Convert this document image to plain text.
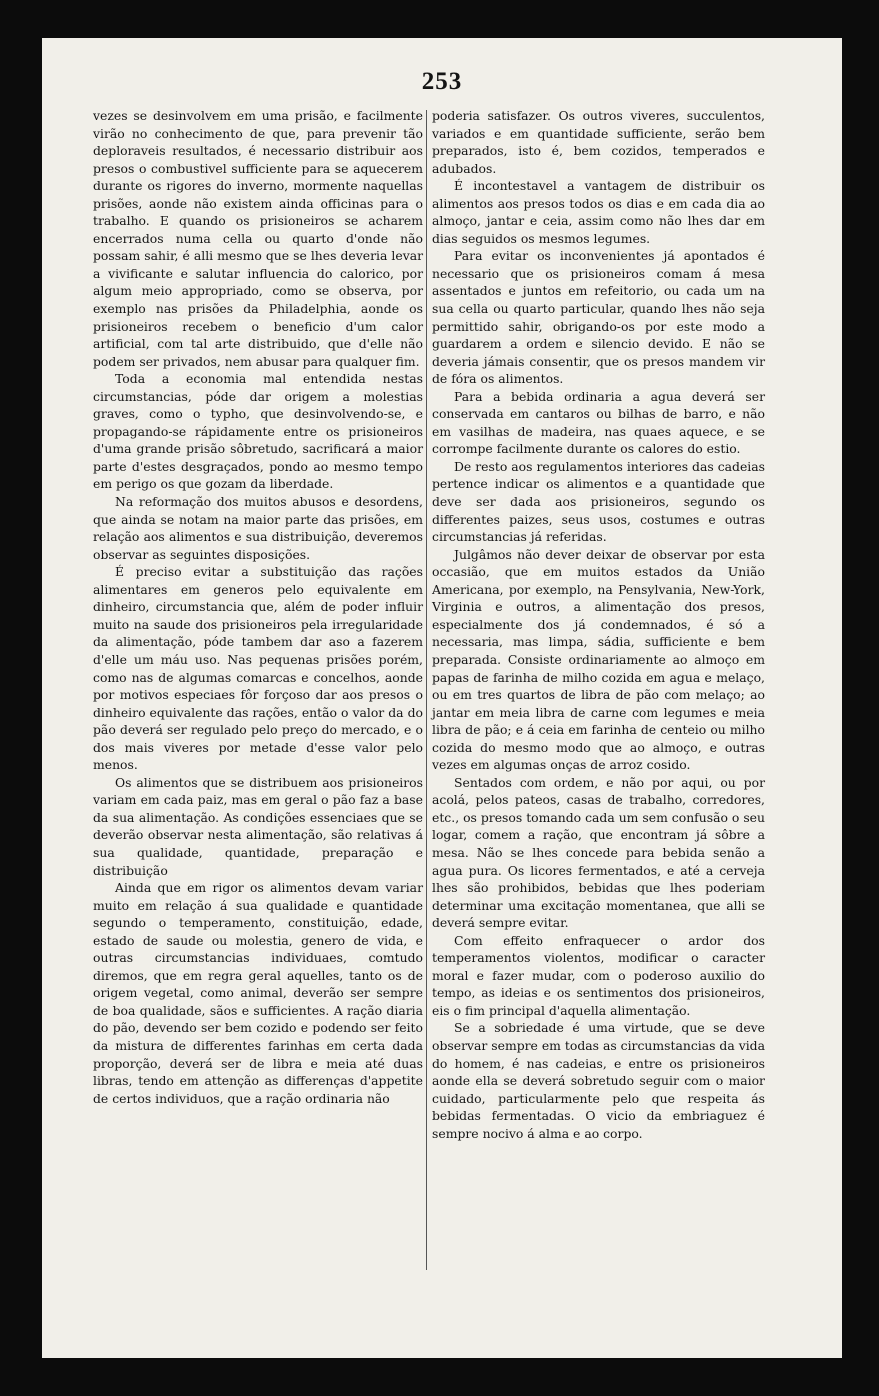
253

vezes se desinvolvem em uma prisão, e facilmente virão no conhecimento de que, para prevenir tão deploraveis resultados, é necessario distribuir aos presos o combustivel sufficiente para se aquecerem durante os rigores do inverno, mormente naquellas prisões, aonde não existem ainda officinas para o trabalho. E quando os prisioneiros se acharem encerrados numa cella ou quarto d'onde não possam sahir, é alli mesmo que se lhes deveria levar a vivificante e salutar influencia do calorico, por algum meio appropriado, como se observa, por exemplo nas prisões da Philadelphia, aonde os prisioneiros recebem o beneficio d'um calor artificial, com tal arte distribuido, que d'elle não podem ser privados, nem abusar para qualquer fim.

Toda a economia mal entendida nestas circumstancias, póde dar origem a molestias graves, como o typho, que desinvolvendo-se, e propagando-se rápidamente entre os prisioneiros d'uma grande prisão sôbretudo, sacrificará a maior parte d'estes desgraçados, pondo ao mesmo tempo em perigo os que gozam da liberdade.

Na reformação dos muitos abusos e desordens, que ainda se notam na maior parte das prisões, em relação aos alimentos e sua distribuição, deveremos observar as seguintes disposições.

É preciso evitar a substituição das rações alimentares em generos pelo equivalente em dinheiro, circumstancia que, além de poder influir muito na saude dos prisioneiros pela irregularidade da alimentação, póde tambem dar aso a fazerem d'elle um máu uso. Nas pequenas prisões porém, como nas de algumas comarcas e concelhos, aonde por motivos especiaes fôr forçoso dar aos presos o dinheiro equivalente das rações, então o valor da do pão deverá ser regulado pelo preço do mercado, e o dos mais viveres por metade d'esse valor pelo menos.

Os alimentos que se distribuem aos prisioneiros variam em cada paiz, mas em geral o pão faz a base da sua alimentação. As condições essenciaes que se deverão observar nesta alimentação, são relativas á sua qualidade, quantidade, preparação e distribuição

Ainda que em rigor os alimentos devam variar muito em relação á sua qualidade e quantidade segundo o temperamento, constituição, edade, estado de saude ou molestia, genero de vida, e outras circumstancias individuaes, comtudo diremos, que em regra geral aquelles, tanto os de origem vegetal, como animal, deverão ser sempre de boa qualidade, sãos e sufficientes. A ração diaria do pão, devendo ser bem cozido e podendo ser feito da mistura de differentes farinhas em certa dada proporção, deverá ser de libra e meia até duas libras, tendo em attenção as differenças d'appetite de certos individuos, que a ração ordinaria não

poderia satisfazer. Os outros viveres, succulentos, variados e em quantidade sufficiente, serão bem preparados, isto é, bem cozidos, temperados e adubados.

É incontestavel a vantagem de distribuir os alimentos aos presos todos os dias e em cada dia ao almoço, jantar e ceia, assim como não lhes dar em dias seguidos os mesmos legumes.

Para evitar os inconvenientes já apontados é necessario que os prisioneiros comam á mesa assentados e juntos em refeitorio, ou cada um na sua cella ou quarto particular, quando lhes não seja permittido sahir, obrigando-os por este modo a guardarem a ordem e silencio devido. E não se deveria jámais consentir, que os presos mandem vir de fóra os alimentos.

Para a bebida ordinaria a agua deverá ser conservada em cantaros ou bilhas de barro, e não em vasilhas de madeira, nas quaes aquece, e se corrompe facilmente durante os calores do estio.

De resto aos regulamentos interiores das cadeias pertence indicar os alimentos e a quantidade que deve ser dada aos prisioneiros, segundo os differentes paizes, seus usos, costumes e outras circumstancias já referidas.

Julgâmos não dever deixar de observar por esta occasião, que em muitos estados da União Americana, por exemplo, na Pensylvania, New-York, Virginia e outros, a alimentação dos presos, especialmente dos já condemnados, é só a necessaria, mas limpa, sádia, sufficiente e bem preparada. Consiste ordinariamente ao almoço em papas de farinha de milho cozida em agua e melaço, ou em tres quartos de libra de pão com melaço; ao jantar em meia libra de carne com legumes e meia libra de pão; e á ceia em farinha de centeio ou milho cozida do mesmo modo que ao almoço, e outras vezes em algumas onças de arroz cosido.

Sentados com ordem, e não por aqui, ou por acolá, pelos pateos, casas de trabalho, corredores, etc., os presos tomando cada um sem confusão o seu logar, comem a ração, que encontram já sôbre a mesa. Não se lhes concede para bebida senão a agua pura. Os licores fermentados, e até a cerveja lhes são prohibidos, bebidas que lhes poderiam determinar uma excitação momentanea, que alli se deverá sempre evitar.

Com effeito enfraquecer o ardor dos temperamentos violentos, modificar o caracter moral e fazer mudar, com o poderoso auxilio do tempo, as ideias e os sentimentos dos prisioneiros, eis o fim principal d'aquella alimentação.

Se a sobriedade é uma virtude, que se deve observar sempre em todas as circumstancias da vida do homem, é nas cadeias, e entre os prisioneiros aonde ella se deverá sobretudo seguir com o maior cuidado, particularmente pelo que respeita ás bebidas fermentadas. O vicio da embriaguez é sempre nocivo á alma e ao corpo.
